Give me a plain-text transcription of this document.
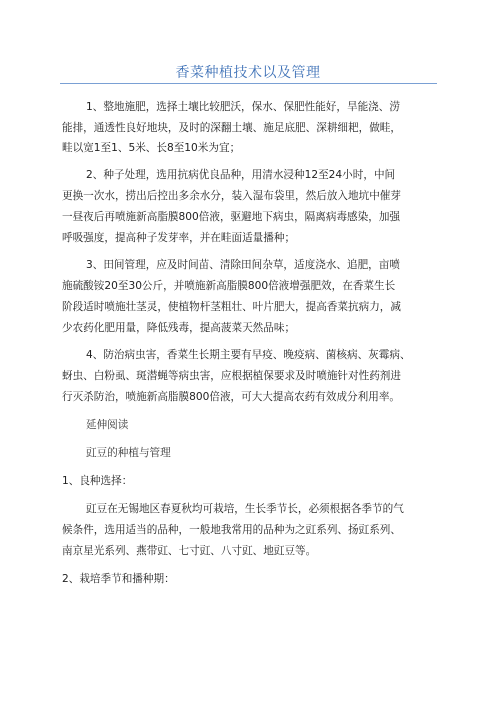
香菜种植技术以及管理
1、整地施肥，选择土壤比较肥沃，保水、保肥性能好，旱能浇、涝
能排，通透性良好地块，及时的深翻土壤、施足底肥、深耕细耙，做畦，
畦以宽1至1、5米、长8至10米为宜；
2、种子处理，选用抗病优良品种，用清水浸种12至24小时，中间
更换一次水，捞出后控出多余水分，装入湿布袋里，然后放入地坑中催芽
一昼夜后再喷施新高脂膜800倍液，驱避地下病虫，隔离病毒感染，加强
呼吸强度，提高种子发芽率，并在畦面适量播种；
3、田间管理，应及时间苗、清除田间杂草，适度浇水、追肥，亩喷
施硫酸铵20至30公斤，并喷施新高脂膜800倍液增强肥效，在香菜生长
阶段适时喷施壮茎灵，使植物杆茎粗壮、叶片肥大，提高香菜抗病力，减
少农药化肥用量，降低残毒，提高菠菜天然品味；
4、防治病虫害，香菜生长期主要有早疫、晚疫病、菌核病、灰霉病、
蚜虫、白粉虱、斑潜蝇等病虫害，应根据植保要求及时喷施针对性药剂进
行灭杀防治，喷施新高脂膜800倍液，可大大提高农药有效成分利用率。
延伸阅读
豇豆的种植与管理
1、良种选择：
豇豆在无锡地区春夏秋均可栽培，生长季节长，必须根据各季节的气
候条件，选用适当的品种，一般地我常用的品种为之豇系列、扬豇系列、
南京星光系列、燕带豇、七寸豇、八寸豇、地豇豆等。
2、栽培季节和播种期：
